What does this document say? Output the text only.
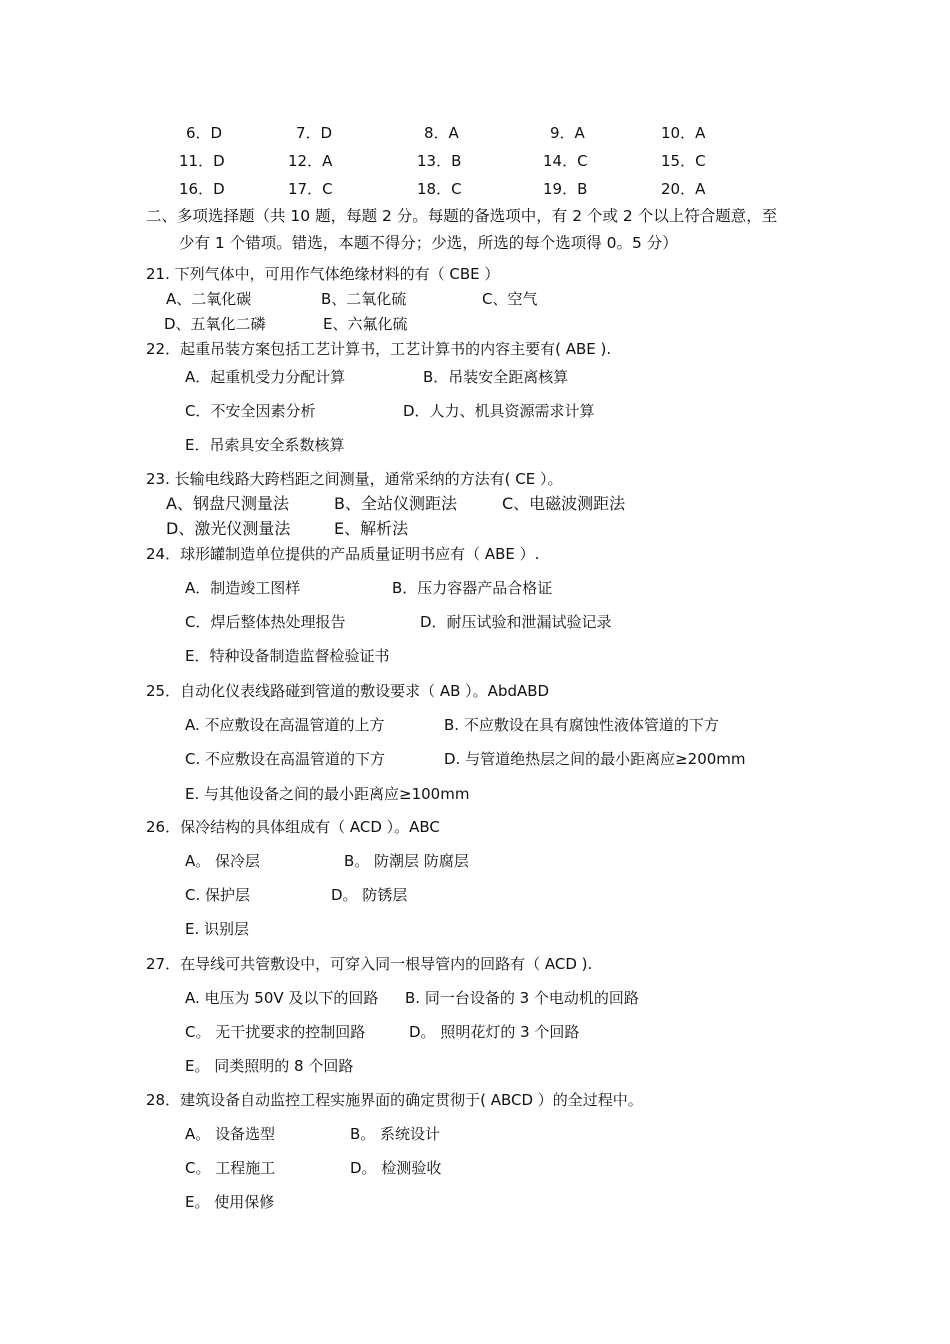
6．D	7．D	8．A	9．A	10．A
11．D	12．A	13．B	14．C	15．C
16．D	17．C	18．C	19．B	20．A
二、多项选择题（共 10 题，每题 2 分。每题的备选项中，有 2 个或 2 个以上符合题意，至
少有 1 个错项。错选，本题不得分；少选，所选的每个选项得 0。5 分）
21. 下列气体中，可用作气体绝缘材料的有（ CBE ）
A、二氧化碳	B、二氧化硫	C、空气
D、五氧化二磷	E、六氟化硫
22．起重吊装方案包括工艺计算书，工艺计算书的内容主要有( ABE ).
A．起重机受力分配计算	B．吊装安全距离核算
C．不安全因素分析	D．人力、机具资源需求计算
E．吊索具安全系数核算
23. 长输电线路大跨档距之间测量，通常采纳的方法有( CE ）。
A、钢盘尺测量法	B、全站仪测距法	C、电磁波测距法
D、激光仪测量法	E、解析法
24．球形罐制造单位提供的产品质量证明书应有（ ABE ）.
A．制造竣工图样	B．压力容器产品合格证
C．焊后整体热处理报告	D．耐压试验和泄漏试验记录
E．特种设备制造监督检验证书
25．自动化仪表线路碰到管道的敷设要求（ AB ）。AbdABD
A. 不应敷设在高温管道的上方	B. 不应敷设在具有腐蚀性液体管道的下方
C. 不应敷设在高温管道的下方	D. 与管道绝热层之间的最小距离应≥200mm
E. 与其他设备之间的最小距离应≥100mm
26．保冷结构的具体组成有（ ACD ）。ABC
A。 保冷层	B。 防潮层 防腐层
C. 保护层	D。 防锈层
E. 识别层
27．在导线可共管敷设中，可穿入同一根导管内的回路有（ ACD ).
A. 电压为 50V 及以下的回路 B. 同一台设备的 3 个电动机的回路
C。 无干扰要求的控制回路	D。 照明花灯的 3 个回路
E。 同类照明的 8 个回路
28．建筑设备自动监控工程实施界面的确定贯彻于( ABCD ）的全过程中。
A。 设备选型	B。 系统设计
C。 工程施工	D。 检测验收
E。 使用保修
